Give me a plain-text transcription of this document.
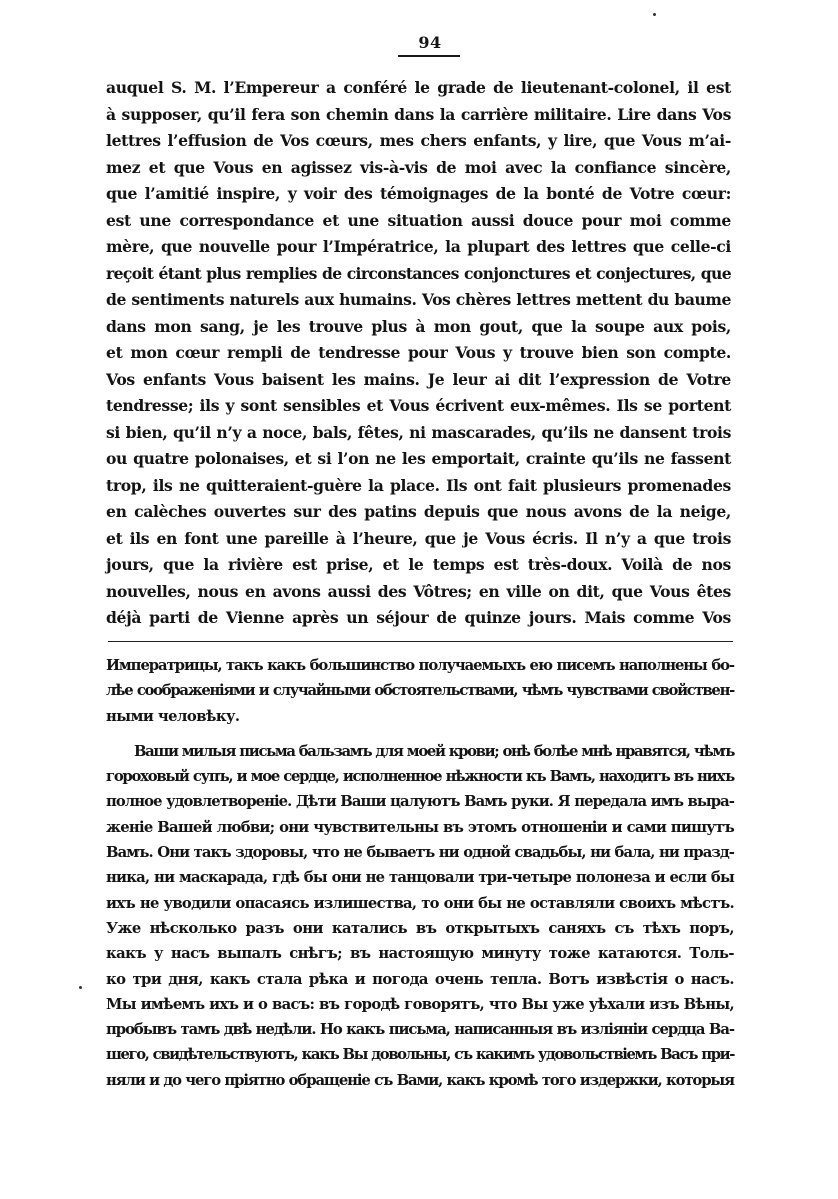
94
auquel S. M. l’Empereur a conféré le grade de lieutenant-colonel, il est
à supposer, qu’il fera son chemin dans la carrière militaire. Lire dans Vos
lettres l’effusion de Vos cœurs, mes chers enfants, y lire, que Vous m’ai-
mez et que Vous en agissez vis-à-vis de moi avec la confiance sincère,
que l’amitié inspire, y voir des témoignages de la bonté de Votre cœur:
est une correspondance et une situation aussi douce pour moi comme
mère, que nouvelle pour l’Impératrice, la plupart des lettres que celle-ci
reçoit étant plus remplies de circonstances conjonctures et conjectures, que
de sentiments naturels aux humains. Vos chères lettres mettent du baume
dans mon sang, je les trouve plus à mon gout, que la soupe aux pois,
et mon cœur rempli de tendresse pour Vous y trouve bien son compte.
Vos enfants Vous baisent les mains. Je leur ai dit l’expression de Votre
tendresse; ils y sont sensibles et Vous écrivent eux-mêmes. Ils se portent
si bien, qu’il n’y a noce, bals, fêtes, ni mascarades, qu’ils ne dansent trois
ou quatre polonaises, et si l’on ne les emportait, crainte qu’ils ne fassent
trop, ils ne quitteraient-guère la place. Ils ont fait plusieurs promenades
en calèches ouvertes sur des patins depuis que nous avons de la neige,
et ils en font une pareille à l’heure, que je Vous écris. Il n’y a que trois
jours, que la rivière est prise, et le temps est très-doux. Voilà de nos
nouvelles, nous en avons aussi des Vôtres; en ville on dit, que Vous êtes
déjà parti de Vienne après un séjour de quinze jours. Mais comme Vos
Императрицы, такъ какъ большинство получаемыхъ ею писемъ наполнены бо-
лѣе соображеніями и случайными обстоятельствами, чѣмъ чувствами свойствен-
ными человѣку.
Ваши милыя письма бальзамъ для моей крови; онѣ болѣе мнѣ нравятся, чѣмъ
гороховый супъ, и мое сердце, исполненное нѣжности къ Вамъ, находитъ въ нихъ
полное удовлетвореніе. Дѣти Ваши цалуютъ Вамъ руки. Я передала имъ выра-
женіе Вашей любви; они чувствительны въ этомъ отношеніи и сами пишутъ
Вамъ. Они такъ здоровы, что не бываетъ ни одной свадьбы, ни бала, ни празд-
ника, ни маскарада, гдѣ бы они не танцовали три-четыре полонеза и если бы
ихъ не уводили опасаясь излишества, то они бы не оставляли своихъ мѣстъ.
Уже нѣсколько разъ они катались въ открытыхъ саняхъ съ тѣхъ поръ,
какъ у насъ выпалъ снѣгъ; въ настоящую минуту тоже катаются. Толь-
ко три дня, какъ стала рѣка и погода очень тепла. Вотъ извѣстія о насъ.
Мы имѣемъ ихъ и о васъ: въ городѣ говорятъ, что Вы уже уѣхали изъ Вѣны,
пробывъ тамъ двѣ недѣли. Но какъ письма, написанныя въ изліяніи сердца Ва-
шего, свидѣтельствуютъ, какъ Вы довольны, съ какимъ удовольствіемъ Васъ при-
няли и до чего пріятно обращеніе съ Вами, какъ кромѣ того издержки, которыя
